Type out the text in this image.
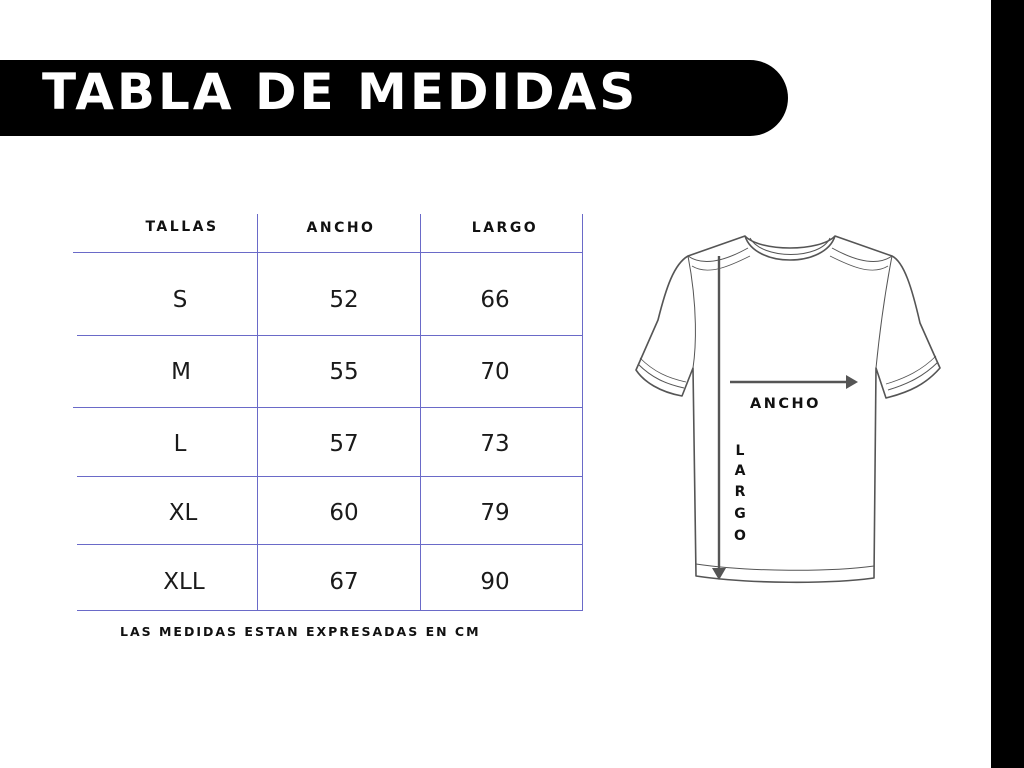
TABLA DE MEDIDAS
TALLAS	ANCHO	LARGO
S	52	66
M	55	70
L	57	73
XL	60	79
XLL	67	90
LAS MEDIDAS ESTAN EXPRESADAS EN CM
ANCHO
L
A
R
G
O
